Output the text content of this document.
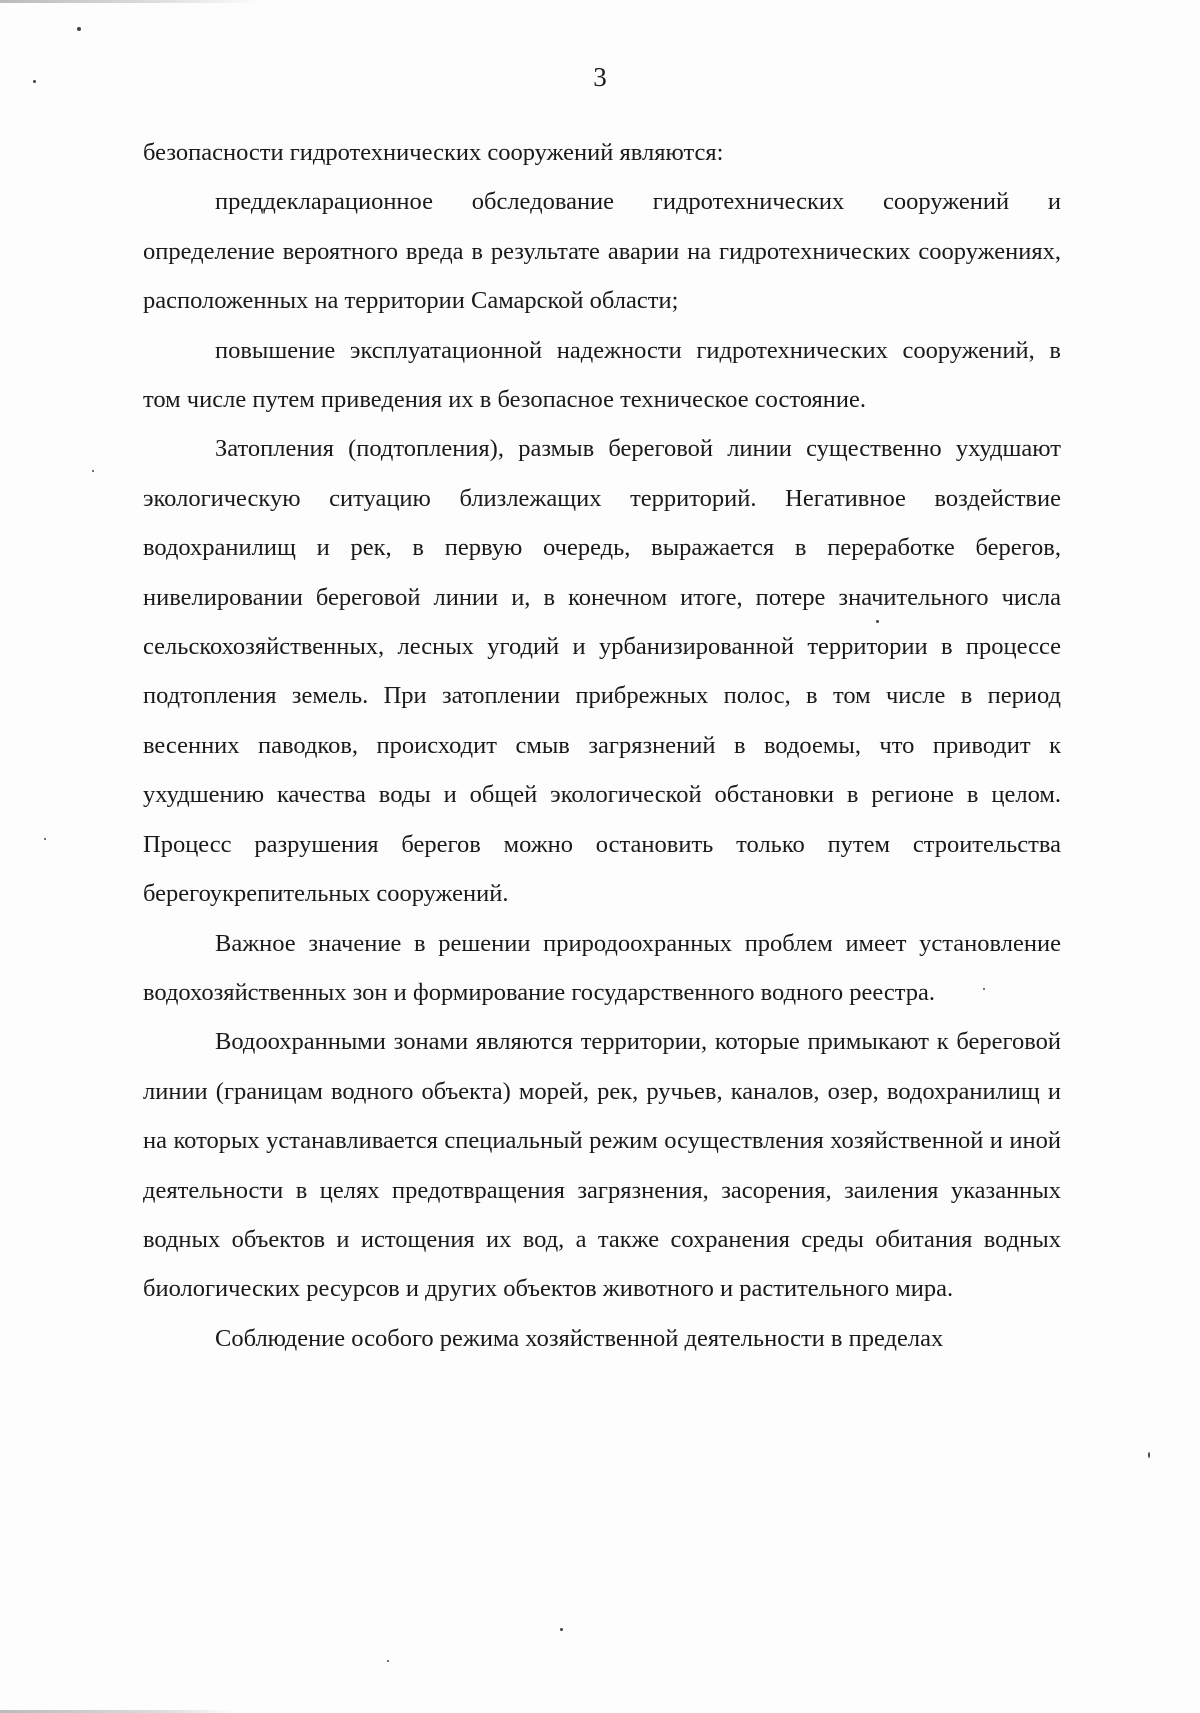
3

безопасности гидротехнических сооружений являются:

преддекларационное обследование гидротехнических сооружений и определение вероятного вреда в результате аварии на гидротехнических сооружениях, расположенных на территории Самарской области;

повышение эксплуатационной надежности гидротехнических сооружений, в том числе путем приведения их в безопасное техническое состояние.

Затопления (подтопления), размыв береговой линии существенно ухудшают экологическую ситуацию близлежащих территорий. Негативное воздействие водохранилищ и рек, в первую очередь, выражается в переработке берегов, нивелировании береговой линии и, в конечном итоге, потере значительного числа сельскохозяйственных, лесных угодий и урбанизированной территории в процессе подтопления земель. При затоплении прибрежных полос, в том числе в период весенних паводков, происходит смыв загрязнений в водоемы, что приводит к ухудшению качества воды и общей экологической обстановки в регионе в целом. Процесс разрушения берегов можно остановить только путем строительства берегоукрепительных сооружений.

Важное значение в решении природоохранных проблем имеет установление водохозяйственных зон и формирование государственного водного реестра.

Водоохранными зонами являются территории, которые примыкают к береговой линии (границам водного объекта) морей, рек, ручьев, каналов, озер, водохранилищ и на которых устанавливается специальный режим осуществления хозяйственной и иной деятельности в целях предотвращения загрязнения, засорения, заиления указанных водных объектов и истощения их вод, а также сохранения среды обитания водных биологических ресурсов и других объектов животного и растительного мира.

Соблюдение особого режима хозяйственной деятельности в пределах
